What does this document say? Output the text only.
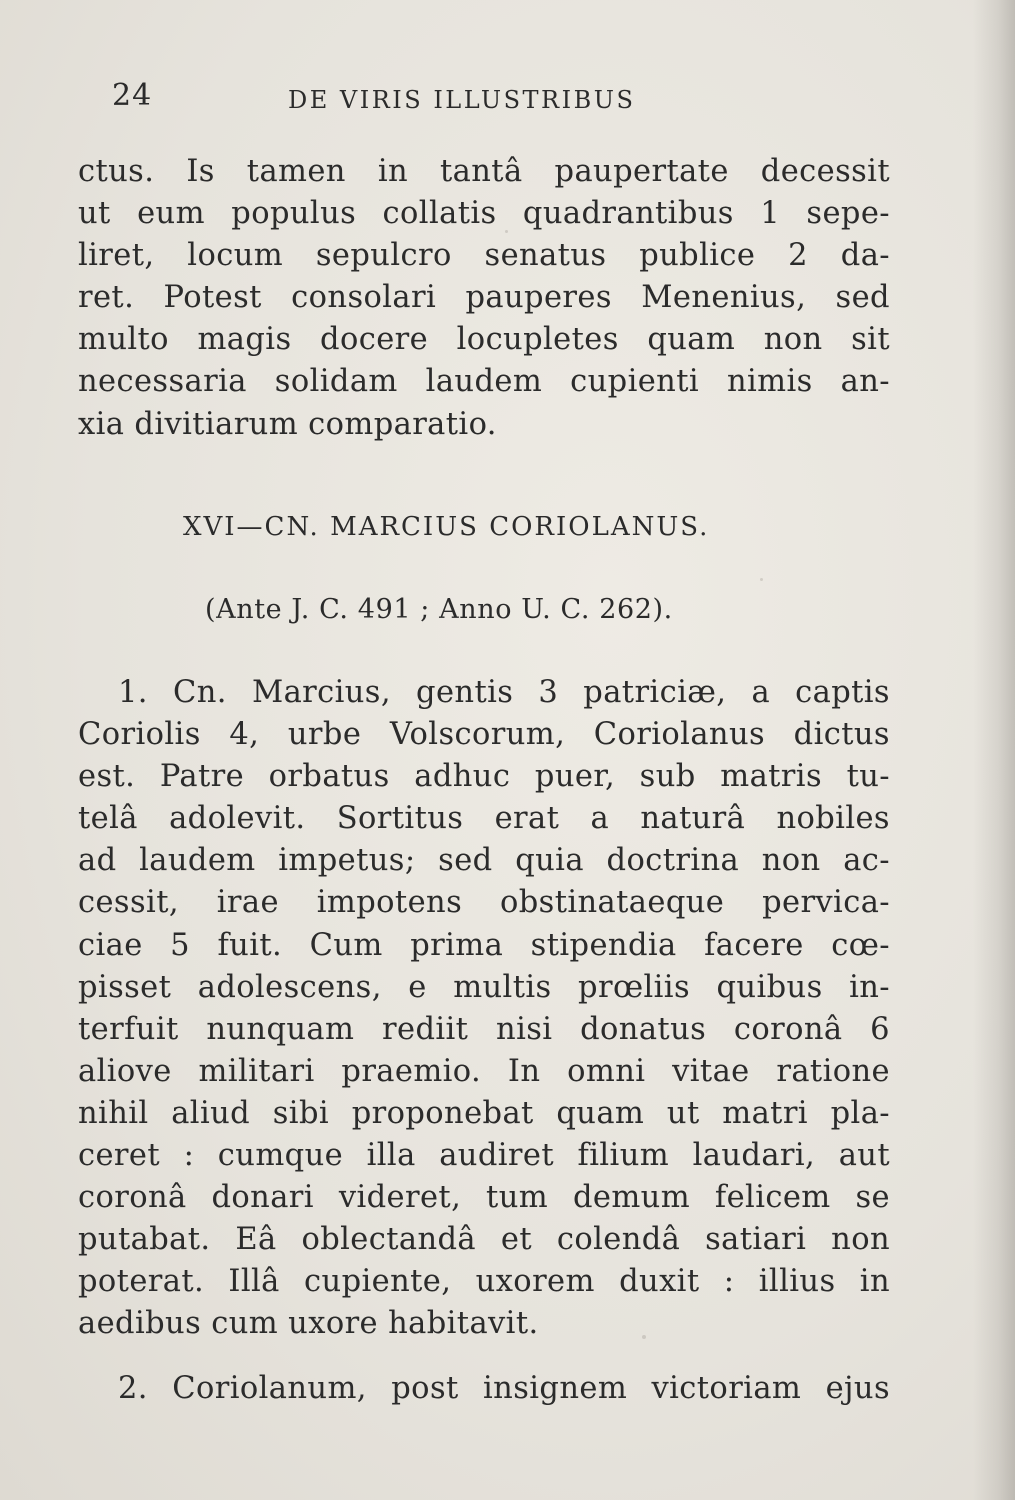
24	DE VIRIS ILLUSTRIBUS
ctus. Is tamen in tantâ paupertate decessit
ut eum populus collatis quadrantibus 1 sepe-
liret, locum sepulcro senatus publice 2 da-
ret. Potest consolari pauperes Menenius, sed
multo magis docere locupletes quam non sit
necessaria solidam laudem cupienti nimis an-
xia divitiarum comparatio.
XVI—CN. MARCIUS CORIOLANUS.
(Ante J. C. 491 ; Anno U. C. 262).
1. Cn. Marcius, gentis 3 patriciæ, a captis
Coriolis 4, urbe Volscorum, Coriolanus dictus
est. Patre orbatus adhuc puer, sub matris tu-
telâ adolevit. Sortitus erat a naturâ nobiles
ad laudem impetus; sed quia doctrina non ac-
cessit, irae impotens obstinataeque pervica-
ciae 5 fuit. Cum prima stipendia facere cœ-
pisset adolescens, e multis prœliis quibus in-
terfuit nunquam rediit nisi donatus coronâ 6
aliove militari praemio. In omni vitae ratione
nihil aliud sibi proponebat quam ut matri pla-
ceret : cumque illa audiret filium laudari, aut
coronâ donari videret, tum demum felicem se
putabat. Eâ oblectandâ et colendâ satiari non
poterat. Illâ cupiente, uxorem duxit : illius in
aedibus cum uxore habitavit.
2. Coriolanum, post insignem victoriam ejus
